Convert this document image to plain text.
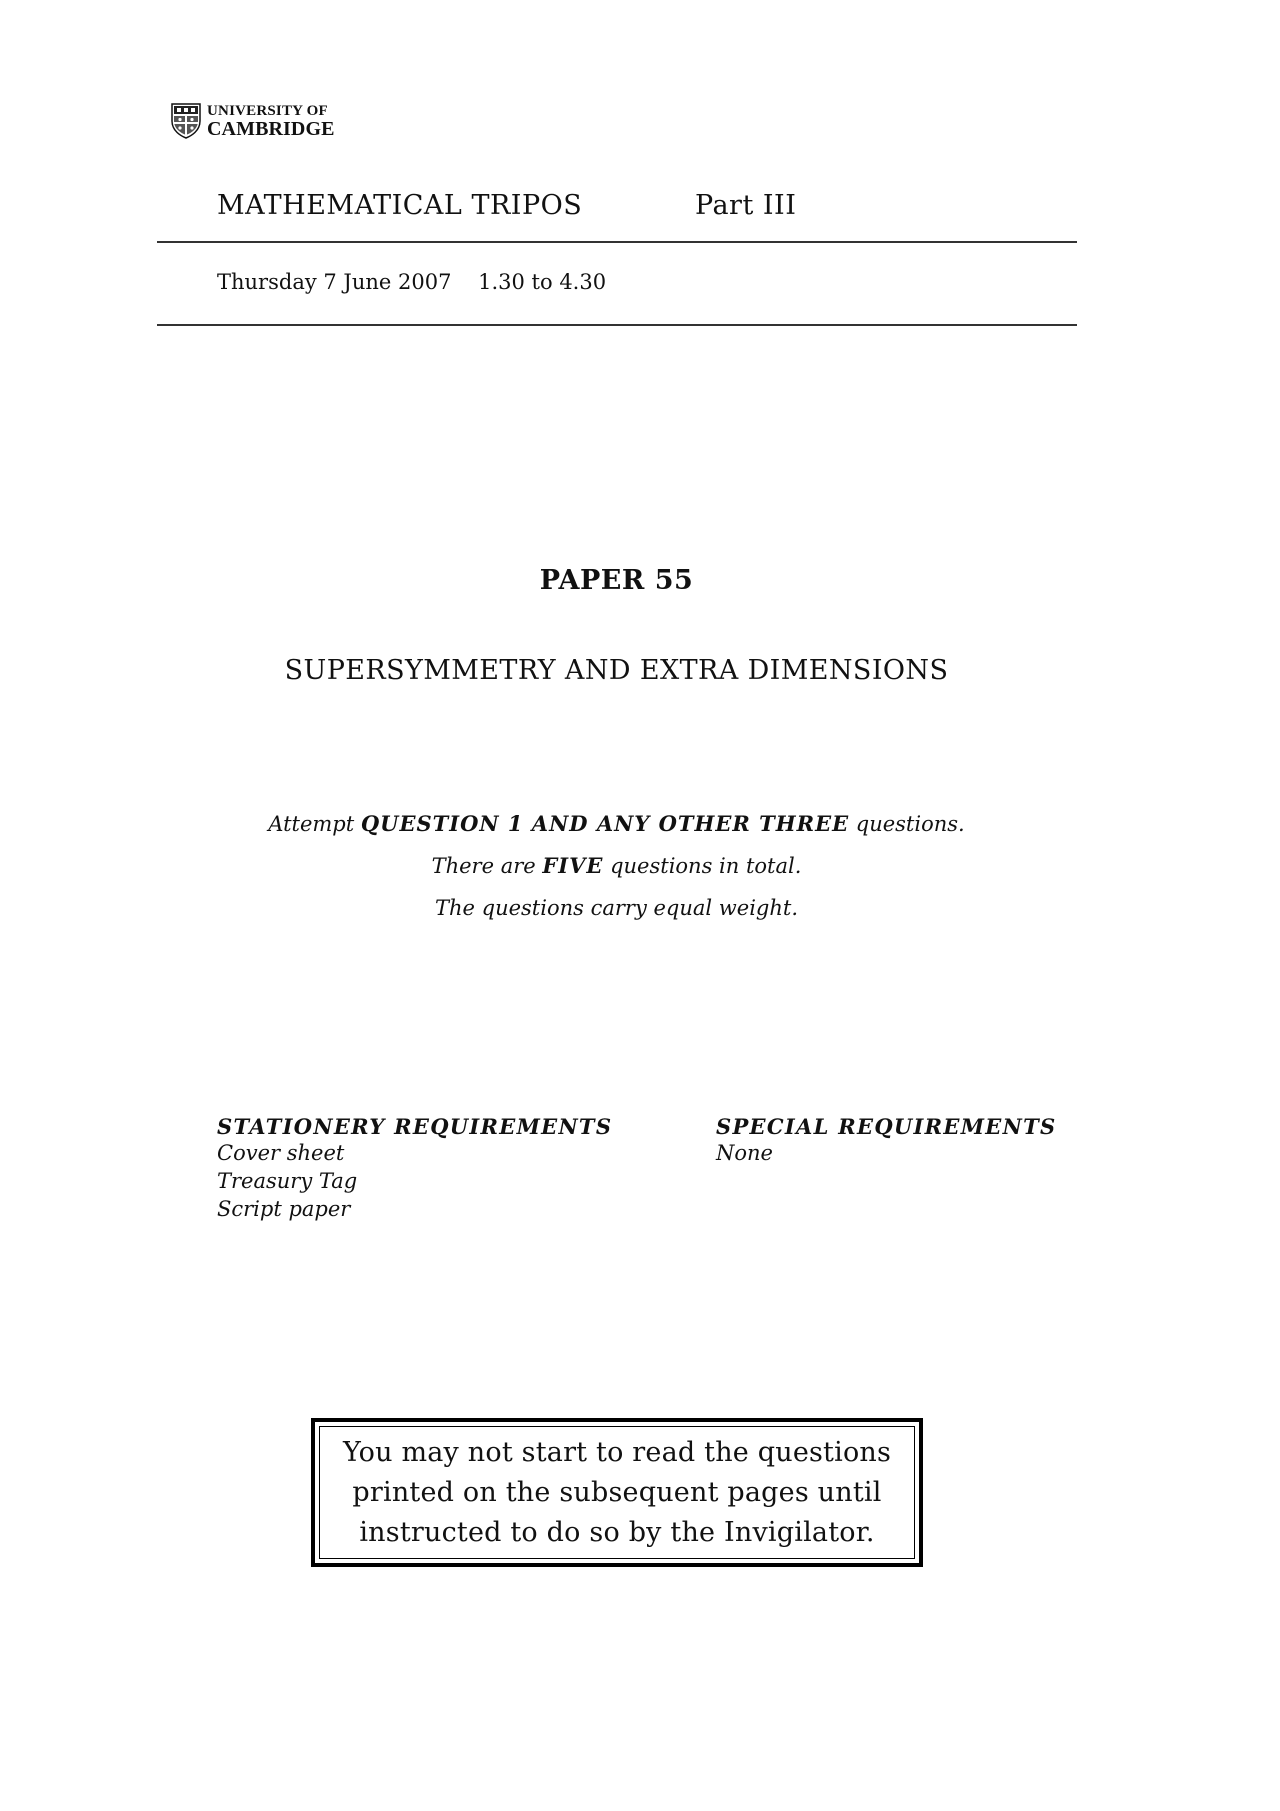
UNIVERSITY OF
CAMBRIDGE
MATHEMATICAL TRIPOS	Part III
Thursday 7 June 2007    1.30 to 4.30
PAPER 55
SUPERSYMMETRY AND EXTRA DIMENSIONS
Attempt QUESTION 1 AND ANY OTHER THREE questions.
There are FIVE questions in total.
The questions carry equal weight.
STATIONERY REQUIREMENTS
Cover sheet
Treasury Tag
Script paper
SPECIAL REQUIREMENTS
None
You may not start to read the questions
printed on the subsequent pages until
instructed to do so by the Invigilator.
